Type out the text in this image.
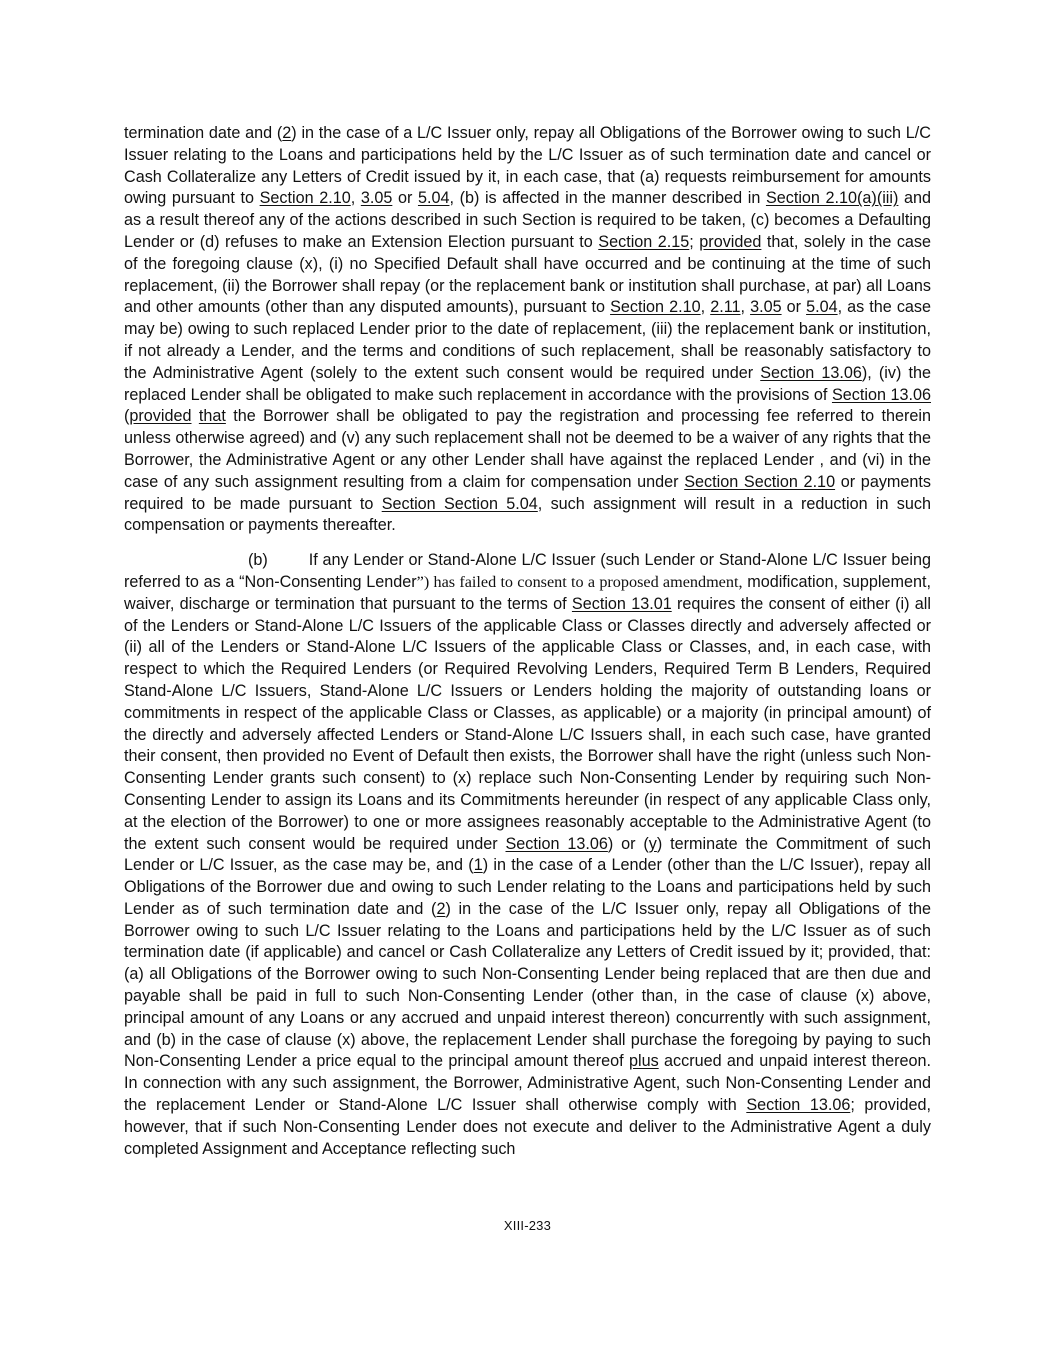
termination date and (2) in the case of a L/C Issuer only, repay all Obligations of the Borrower owing to such L/C Issuer relating to the Loans and participations held by the L/C Issuer as of such termination date and cancel or Cash Collateralize any Letters of Credit issued by it, in each case, that (a) requests reimbursement for amounts owing pursuant to Section 2.10, 3.05 or 5.04, (b) is affected in the manner described in Section 2.10(a)(iii) and as a result thereof any of the actions described in such Section is required to be taken, (c) becomes a Defaulting Lender or (d) refuses to make an Extension Election pursuant to Section 2.15; provided that, solely in the case of the foregoing clause (x), (i) no Specified Default shall have occurred and be continuing at the time of such replacement, (ii) the Borrower shall repay (or the replacement bank or institution shall purchase, at par) all Loans and other amounts (other than any disputed amounts), pursuant to Section 2.10, 2.11, 3.05 or 5.04, as the case may be) owing to such replaced Lender prior to the date of replacement, (iii) the replacement bank or institution, if not already a Lender, and the terms and conditions of such replacement, shall be reasonably satisfactory to the Administrative Agent (solely to the extent such consent would be required under Section 13.06), (iv) the replaced Lender shall be obligated to make such replacement in accordance with the provisions of Section 13.06 (provided that the Borrower shall be obligated to pay the registration and processing fee referred to therein unless otherwise agreed) and (v) any such replacement shall not be deemed to be a waiver of any rights that the Borrower, the Administrative Agent or any other Lender shall have against the replaced Lender , and (vi) in the case of any such assignment resulting from a claim for compensation under Section Section 2.10 or payments required to be made pursuant to Section Section 5.04, such assignment will result in a reduction in such compensation or payments thereafter.

(b)	If any Lender or Stand-Alone L/C Issuer (such Lender or Stand-Alone L/C Issuer being referred to as a “Non-Consenting Lender”) has failed to consent to a proposed amendment, modification, supplement, waiver, discharge or termination that pursuant to the terms of Section 13.01 requires the consent of either (i) all of the Lenders or Stand-Alone L/C Issuers of the applicable Class or Classes directly and adversely affected or (ii) all of the Lenders or Stand-Alone L/C Issuers of the applicable Class or Classes, and, in each case, with respect to which the Required Lenders (or Required Revolving Lenders, Required Term B Lenders, Required Stand-Alone L/C Issuers, Stand-Alone L/C Issuers or Lenders holding the majority of outstanding loans or commitments in respect of the applicable Class or Classes, as applicable) or a majority (in principal amount) of the directly and adversely affected Lenders or Stand-Alone L/C Issuers shall, in each such case, have granted their consent, then provided no Event of Default then exists, the Borrower shall have the right (unless such Non-Consenting Lender grants such consent) to (x) replace such Non-Consenting Lender by requiring such Non-Consenting Lender to assign its Loans and its Commitments hereunder (in respect of any applicable Class only, at the election of the Borrower) to one or more assignees reasonably acceptable to the Administrative Agent (to the extent such consent would be required under Section 13.06) or (y) terminate the Commitment of such Lender or L/C Issuer, as the case may be, and (1) in the case of a Lender (other than the L/C Issuer), repay all Obligations of the Borrower due and owing to such Lender relating to the Loans and participations held by such Lender as of such termination date and (2) in the case of the L/C Issuer only, repay all Obligations of the Borrower owing to such L/C Issuer relating to the Loans and participations held by the L/C Issuer as of such termination date (if applicable) and cancel or Cash Collateralize any Letters of Credit issued by it; provided, that: (a) all Obligations of the Borrower owing to such Non-Consenting Lender being replaced that are then due and payable shall be paid in full to such Non-Consenting Lender (other than, in the case of clause (x) above, principal amount of any Loans or any accrued and unpaid interest thereon) concurrently with such assignment, and (b) in the case of clause (x) above, the replacement Lender shall purchase the foregoing by paying to such Non-Consenting Lender a price equal to the principal amount thereof plus accrued and unpaid interest thereon. In connection with any such assignment, the Borrower, Administrative Agent, such Non-Consenting Lender and the replacement Lender or Stand-Alone L/C Issuer shall otherwise comply with Section 13.06; provided, however, that if such Non-Consenting Lender does not execute and deliver to the Administrative Agent a duly completed Assignment and Acceptance reflecting such

XIII-233
